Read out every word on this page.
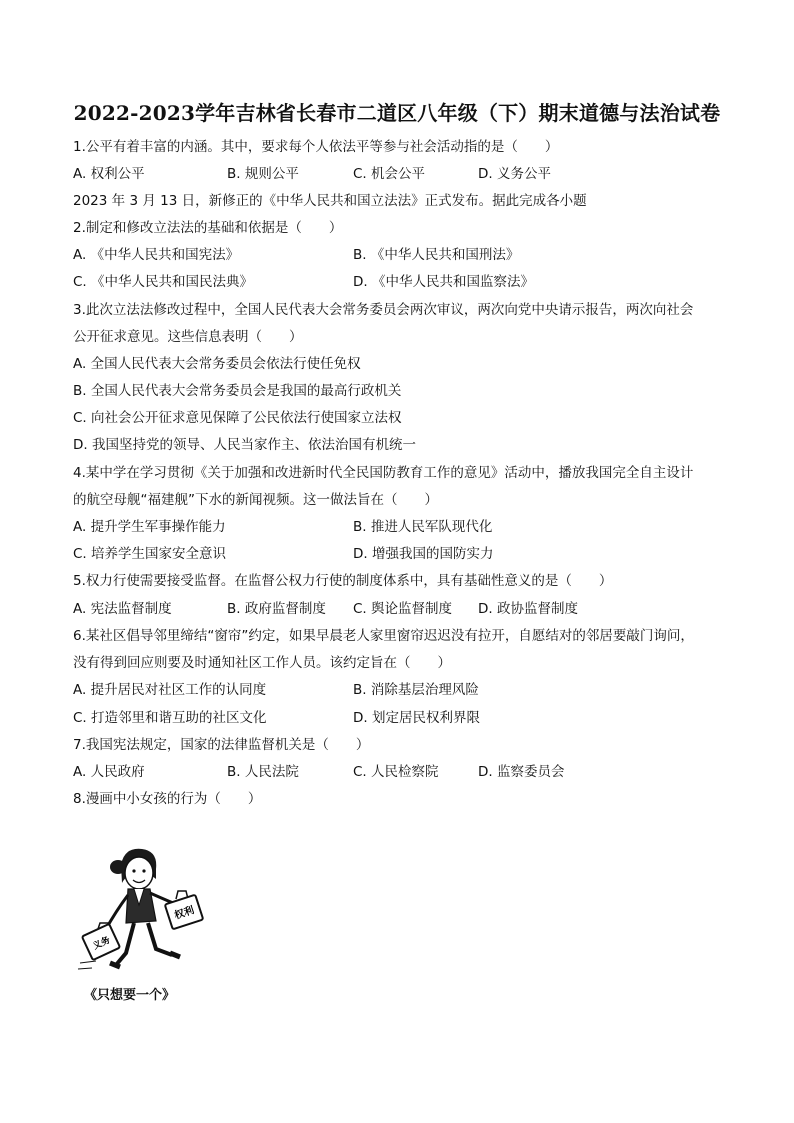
2022-2023学年吉林省长春市二道区八年级（下）期末道德与法治试卷
1.公平有着丰富的内涵。其中，要求每个人依法平等参与社会活动指的是（　　）
A. 权利公平	B. 规则公平	C. 机会公平	D. 义务公平
2023 年 3 月 13 日，新修正的《中华人民共和国立法法》正式发布。据此完成各小题
2.制定和修改立法法的基础和依据是（　　）
A. 《中华人民共和国宪法》	B. 《中华人民共和国刑法》
C. 《中华人民共和国民法典》	D. 《中华人民共和国监察法》
3.此次立法法修改过程中，全国人民代表大会常务委员会两次审议，两次向党中央请示报告，两次向社会
公开征求意见。这些信息表明（　　）
A. 全国人民代表大会常务委员会依法行使任免权
B. 全国人民代表大会常务委员会是我国的最高行政机关
C. 向社会公开征求意见保障了公民依法行使国家立法权
D. 我国坚持党的领导、人民当家作主、依法治国有机统一
4.某中学在学习贯彻《关于加强和改进新时代全民国防教育工作的意见》活动中，播放我国完全自主设计
的航空母舰“福建舰”下水的新闻视频。这一做法旨在（　　）
A. 提升学生军事操作能力	B. 推进人民军队现代化
C. 培养学生国家安全意识	D. 增强我国的国防实力
5.权力行使需要接受监督。在监督公权力行使的制度体系中，具有基础性意义的是（　　）
A. 宪法监督制度	B. 政府监督制度 C. 舆论监督制度 D. 政协监督制度
6.某社区倡导邻里缔结“窗帘”约定，如果早晨老人家里窗帘迟迟没有拉开，自愿结对的邻居要敲门询问，
没有得到回应则要及时通知社区工作人员。该约定旨在（　　）
A. 提升居民对社区工作的认同度	B. 消除基层治理风险
C. 打造邻里和谐互助的社区文化	D. 划定居民权利界限
7.我国宪法规定，国家的法律监督机关是（　　）
A. 人民政府	B. 人民法院	C. 人民检察院	D. 监察委员会
8.漫画中小女孩的行为（　　）
权利
义务
《只想要一个》
